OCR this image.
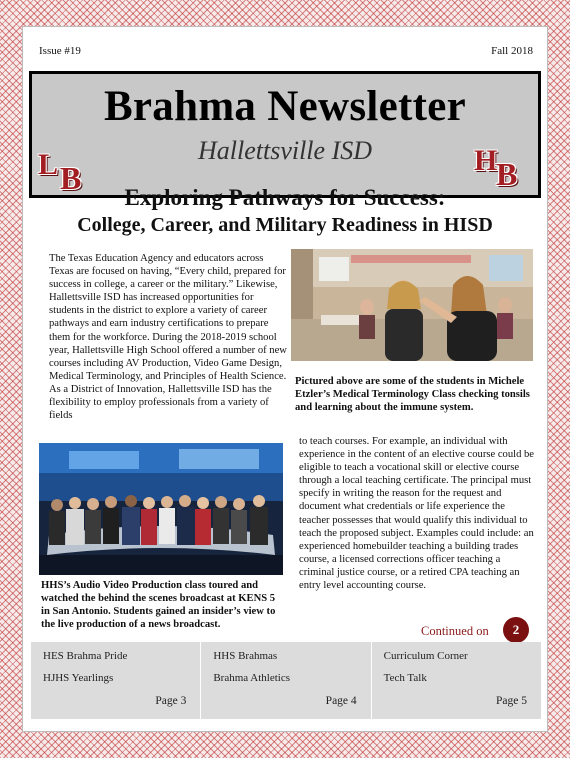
Issue #19	Fall 2018
Brahma Newsletter
Hallettsville ISD
L B	H
B
Exploring Pathways for Success:
College, Career, and Military Readiness in HISD
The Texas Education Agency and educators across Texas are focused on having, “Every child, prepared for success in college, a career or the military.” Likewise, Hallettsville ISD has increased opportunities for students in the district to explore a variety of career pathways and earn industry certifications to prepare them for the workforce. During the 2018-2019 school year, Hallettsville High School offered a number of new courses including AV Production, Video Game Design, Medical Terminology, and Principles of Health Science. As a District of Innovation, Hallettsville ISD has the flexibility to employ professionals from a variety of fields
Pictured above are some of the students in Michele Etzler’s Medical Terminology Class checking tonsils and learning about the immune system.
HHS’s Audio Video Production class toured and watched the behind the scenes broadcast at KENS 5 in San Antonio. Students gained an insider’s view to the live production of a news broadcast.
to teach courses. For example, an individual with experience in the content of an elective course could be eligible to teach a vocational skill or elective course through a local teaching certificate. The principal must specify in writing the reason for the request and document what credentials or life experience the teacher possesses that would qualify this individual to teach the proposed subject. Examples could include: an experienced homebuilder teaching a building trades course, a licensed corrections officer teaching a criminal justice course, or a retired CPA teaching an entry level accounting course.
Continued on	2
HES Brahma Pride
HJHS Yearlings
Page 3
HHS Brahmas
Brahma Athletics
Page 4
Curriculum Corner
Tech Talk
Page 5
